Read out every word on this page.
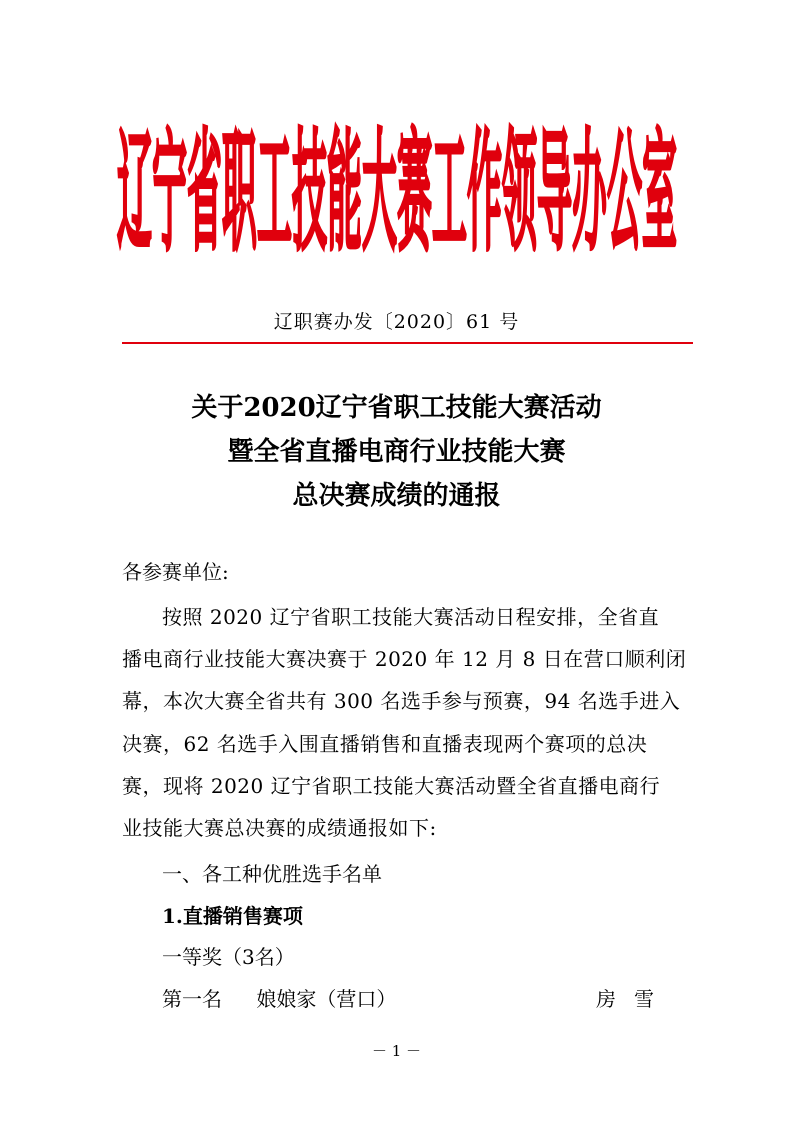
辽宁省职工技能大赛工作领导办公室
辽职赛办发〔2020〕61 号
关于2020辽宁省职工技能大赛活动
暨全省直播电商行业技能大赛
总决赛成绩的通报
各参赛单位:
按照 2020 辽宁省职工技能大赛活动日程安排，全省直
播电商行业技能大赛决赛于 2020 年 12 月 8 日在营口顺利闭
幕，本次大赛全省共有 300 名选手参与预赛，94 名选手进入
决赛，62 名选手入围直播销售和直播表现两个赛项的总决
赛，现将 2020 辽宁省职工技能大赛活动暨全省直播电商行
业技能大赛总决赛的成绩通报如下:
一、各工种优胜选手名单
1.直播销售赛项
一等奖（3名）
第一名 娘娘家（营口）	房雪
－ 1 －
